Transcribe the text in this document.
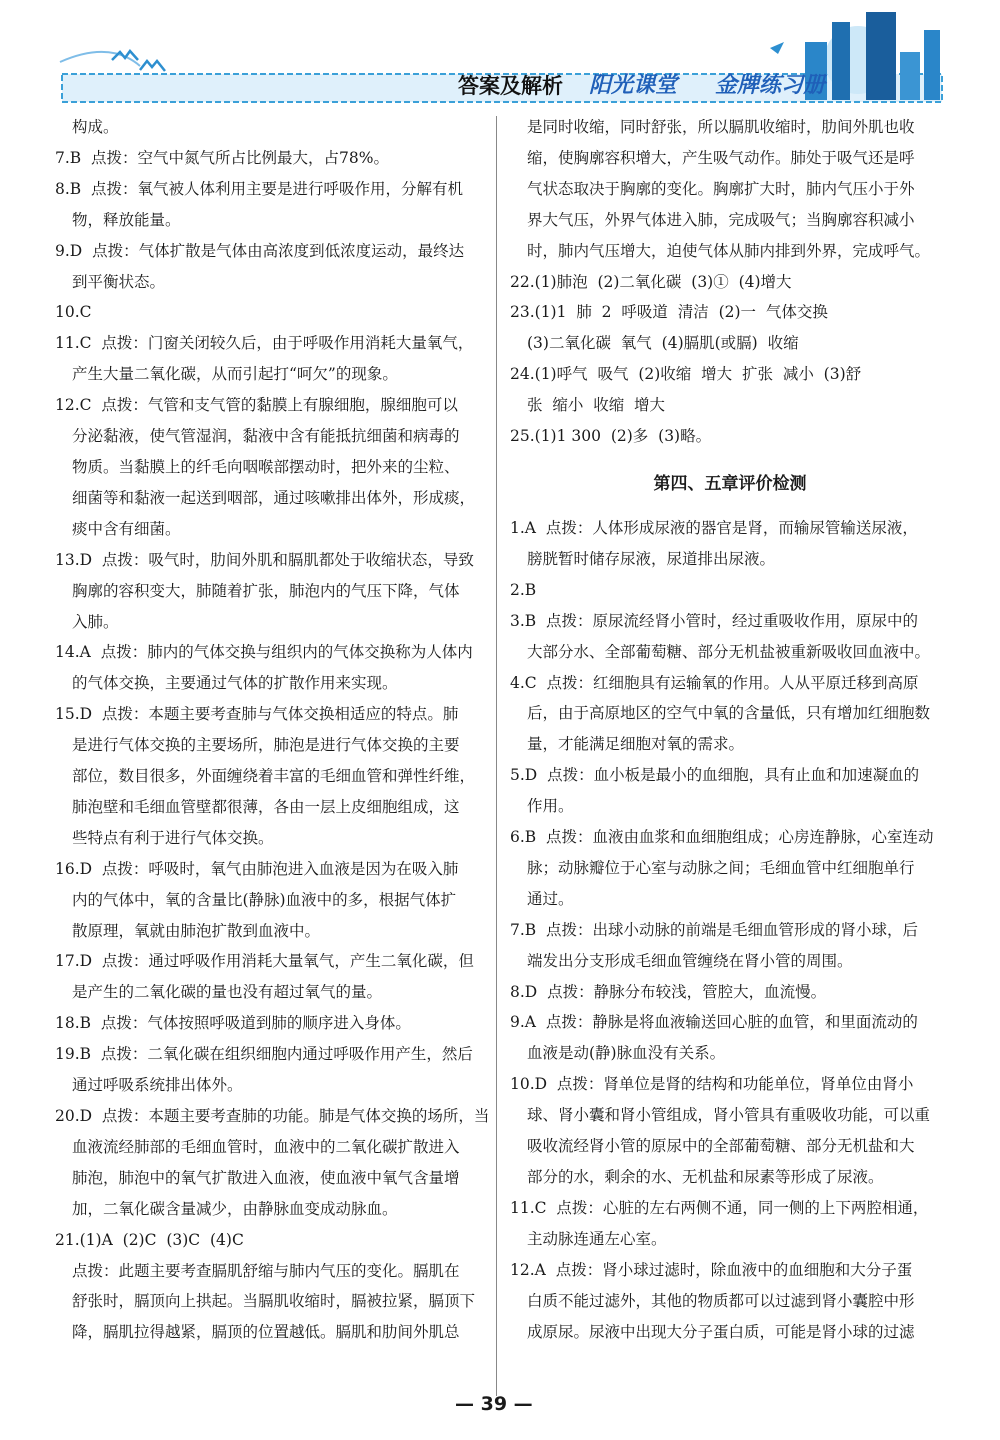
答案及解析 阳光课堂 金牌练习册

构成。

7.B  点拨：空气中氮气所占比例最大，占78%。

8.B  点拨：氧气被人体利用主要是进行呼吸作用，分解有机

物，释放能量。

9.D  点拨：气体扩散是气体由高浓度到低浓度运动，最终达

到平衡状态。

10.C

11.C  点拨：门窗关闭较久后，由于呼吸作用消耗大量氧气，

产生大量二氧化碳，从而引起打“呵欠”的现象。

12.C  点拨：气管和支气管的黏膜上有腺细胞，腺细胞可以

分泌黏液，使气管湿润，黏液中含有能抵抗细菌和病毒的

物质。当黏膜上的纤毛向咽喉部摆动时，把外来的尘粒、

细菌等和黏液一起送到咽部，通过咳嗽排出体外，形成痰，

痰中含有细菌。

13.D  点拨：吸气时，肋间外肌和膈肌都处于收缩状态，导致

胸廓的容积变大，肺随着扩张，肺泡内的气压下降，气体

入肺。

14.A  点拨：肺内的气体交换与组织内的气体交换称为人体内

的气体交换，主要通过气体的扩散作用来实现。

15.D  点拨：本题主要考查肺与气体交换相适应的特点。肺

是进行气体交换的主要场所，肺泡是进行气体交换的主要

部位，数目很多，外面缠绕着丰富的毛细血管和弹性纤维，

肺泡壁和毛细血管壁都很薄，各由一层上皮细胞组成，这

些特点有利于进行气体交换。

16.D  点拨：呼吸时，氧气由肺泡进入血液是因为在吸入肺

内的气体中，氧的含量比(静脉)血液中的多，根据气体扩

散原理，氧就由肺泡扩散到血液中。

17.D  点拨：通过呼吸作用消耗大量氧气，产生二氧化碳，但

是产生的二氧化碳的量也没有超过氧气的量。

18.B  点拨：气体按照呼吸道到肺的顺序进入身体。

19.B  点拨：二氧化碳在组织细胞内通过呼吸作用产生，然后

通过呼吸系统排出体外。

20.D  点拨：本题主要考查肺的功能。肺是气体交换的场所，当

血液流经肺部的毛细血管时，血液中的二氧化碳扩散进入

肺泡，肺泡中的氧气扩散进入血液，使血液中氧气含量增

加，二氧化碳含量减少，由静脉血变成动脉血。

21.(1)A  (2)C  (3)C  (4)C

点拨：此题主要考查膈肌舒缩与肺内气压的变化。膈肌在

舒张时，膈顶向上拱起。当膈肌收缩时，膈被拉紧，膈顶下

降，膈肌拉得越紧，膈顶的位置越低。膈肌和肋间外肌总

是同时收缩，同时舒张，所以膈肌收缩时，肋间外肌也收

缩，使胸廓容积增大，产生吸气动作。肺处于吸气还是呼

气状态取决于胸廓的变化。胸廓扩大时，肺内气压小于外

界大气压，外界气体进入肺，完成吸气；当胸廓容积减小

时，肺内气压增大，迫使气体从肺内排到外界，完成呼气。

22.(1)肺泡  (2)二氧化碳  (3)①  (4)增大

23.(1)1  肺  2  呼吸道  清洁  (2)一  气体交换

(3)二氧化碳  氧气  (4)膈肌(或膈)  收缩

24.(1)呼气  吸气  (2)收缩  增大  扩张  减小  (3)舒

张  缩小  收缩  增大

25.(1)1 300  (2)多  (3)略。

第四、五章评价检测

1.A  点拨：人体形成尿液的器官是肾，而输尿管输送尿液，

膀胱暂时储存尿液，尿道排出尿液。

2.B

3.B  点拨：原尿流经肾小管时，经过重吸收作用，原尿中的

大部分水、全部葡萄糖、部分无机盐被重新吸收回血液中。

4.C  点拨：红细胞具有运输氧的作用。人从平原迁移到高原

后，由于高原地区的空气中氧的含量低，只有增加红细胞数

量，才能满足细胞对氧的需求。

5.D  点拨：血小板是最小的血细胞，具有止血和加速凝血的

作用。

6.B  点拨：血液由血浆和血细胞组成；心房连静脉，心室连动

脉；动脉瓣位于心室与动脉之间；毛细血管中红细胞单行

通过。

7.B  点拨：出球小动脉的前端是毛细血管形成的肾小球，后

端发出分支形成毛细血管缠绕在肾小管的周围。

8.D  点拨：静脉分布较浅，管腔大，血流慢。

9.A  点拨：静脉是将血液输送回心脏的血管，和里面流动的

血液是动(静)脉血没有关系。

10.D  点拨：肾单位是肾的结构和功能单位，肾单位由肾小

球、肾小囊和肾小管组成，肾小管具有重吸收功能，可以重

吸收流经肾小管的原尿中的全部葡萄糖、部分无机盐和大

部分的水，剩余的水、无机盐和尿素等形成了尿液。

11.C  点拨：心脏的左右两侧不通，同一侧的上下两腔相通，

主动脉连通左心室。

12.A  点拨：肾小球过滤时，除血液中的血细胞和大分子蛋

白质不能过滤外，其他的物质都可以过滤到肾小囊腔中形

成原尿。尿液中出现大分子蛋白质，可能是肾小球的过滤

— 39 —
